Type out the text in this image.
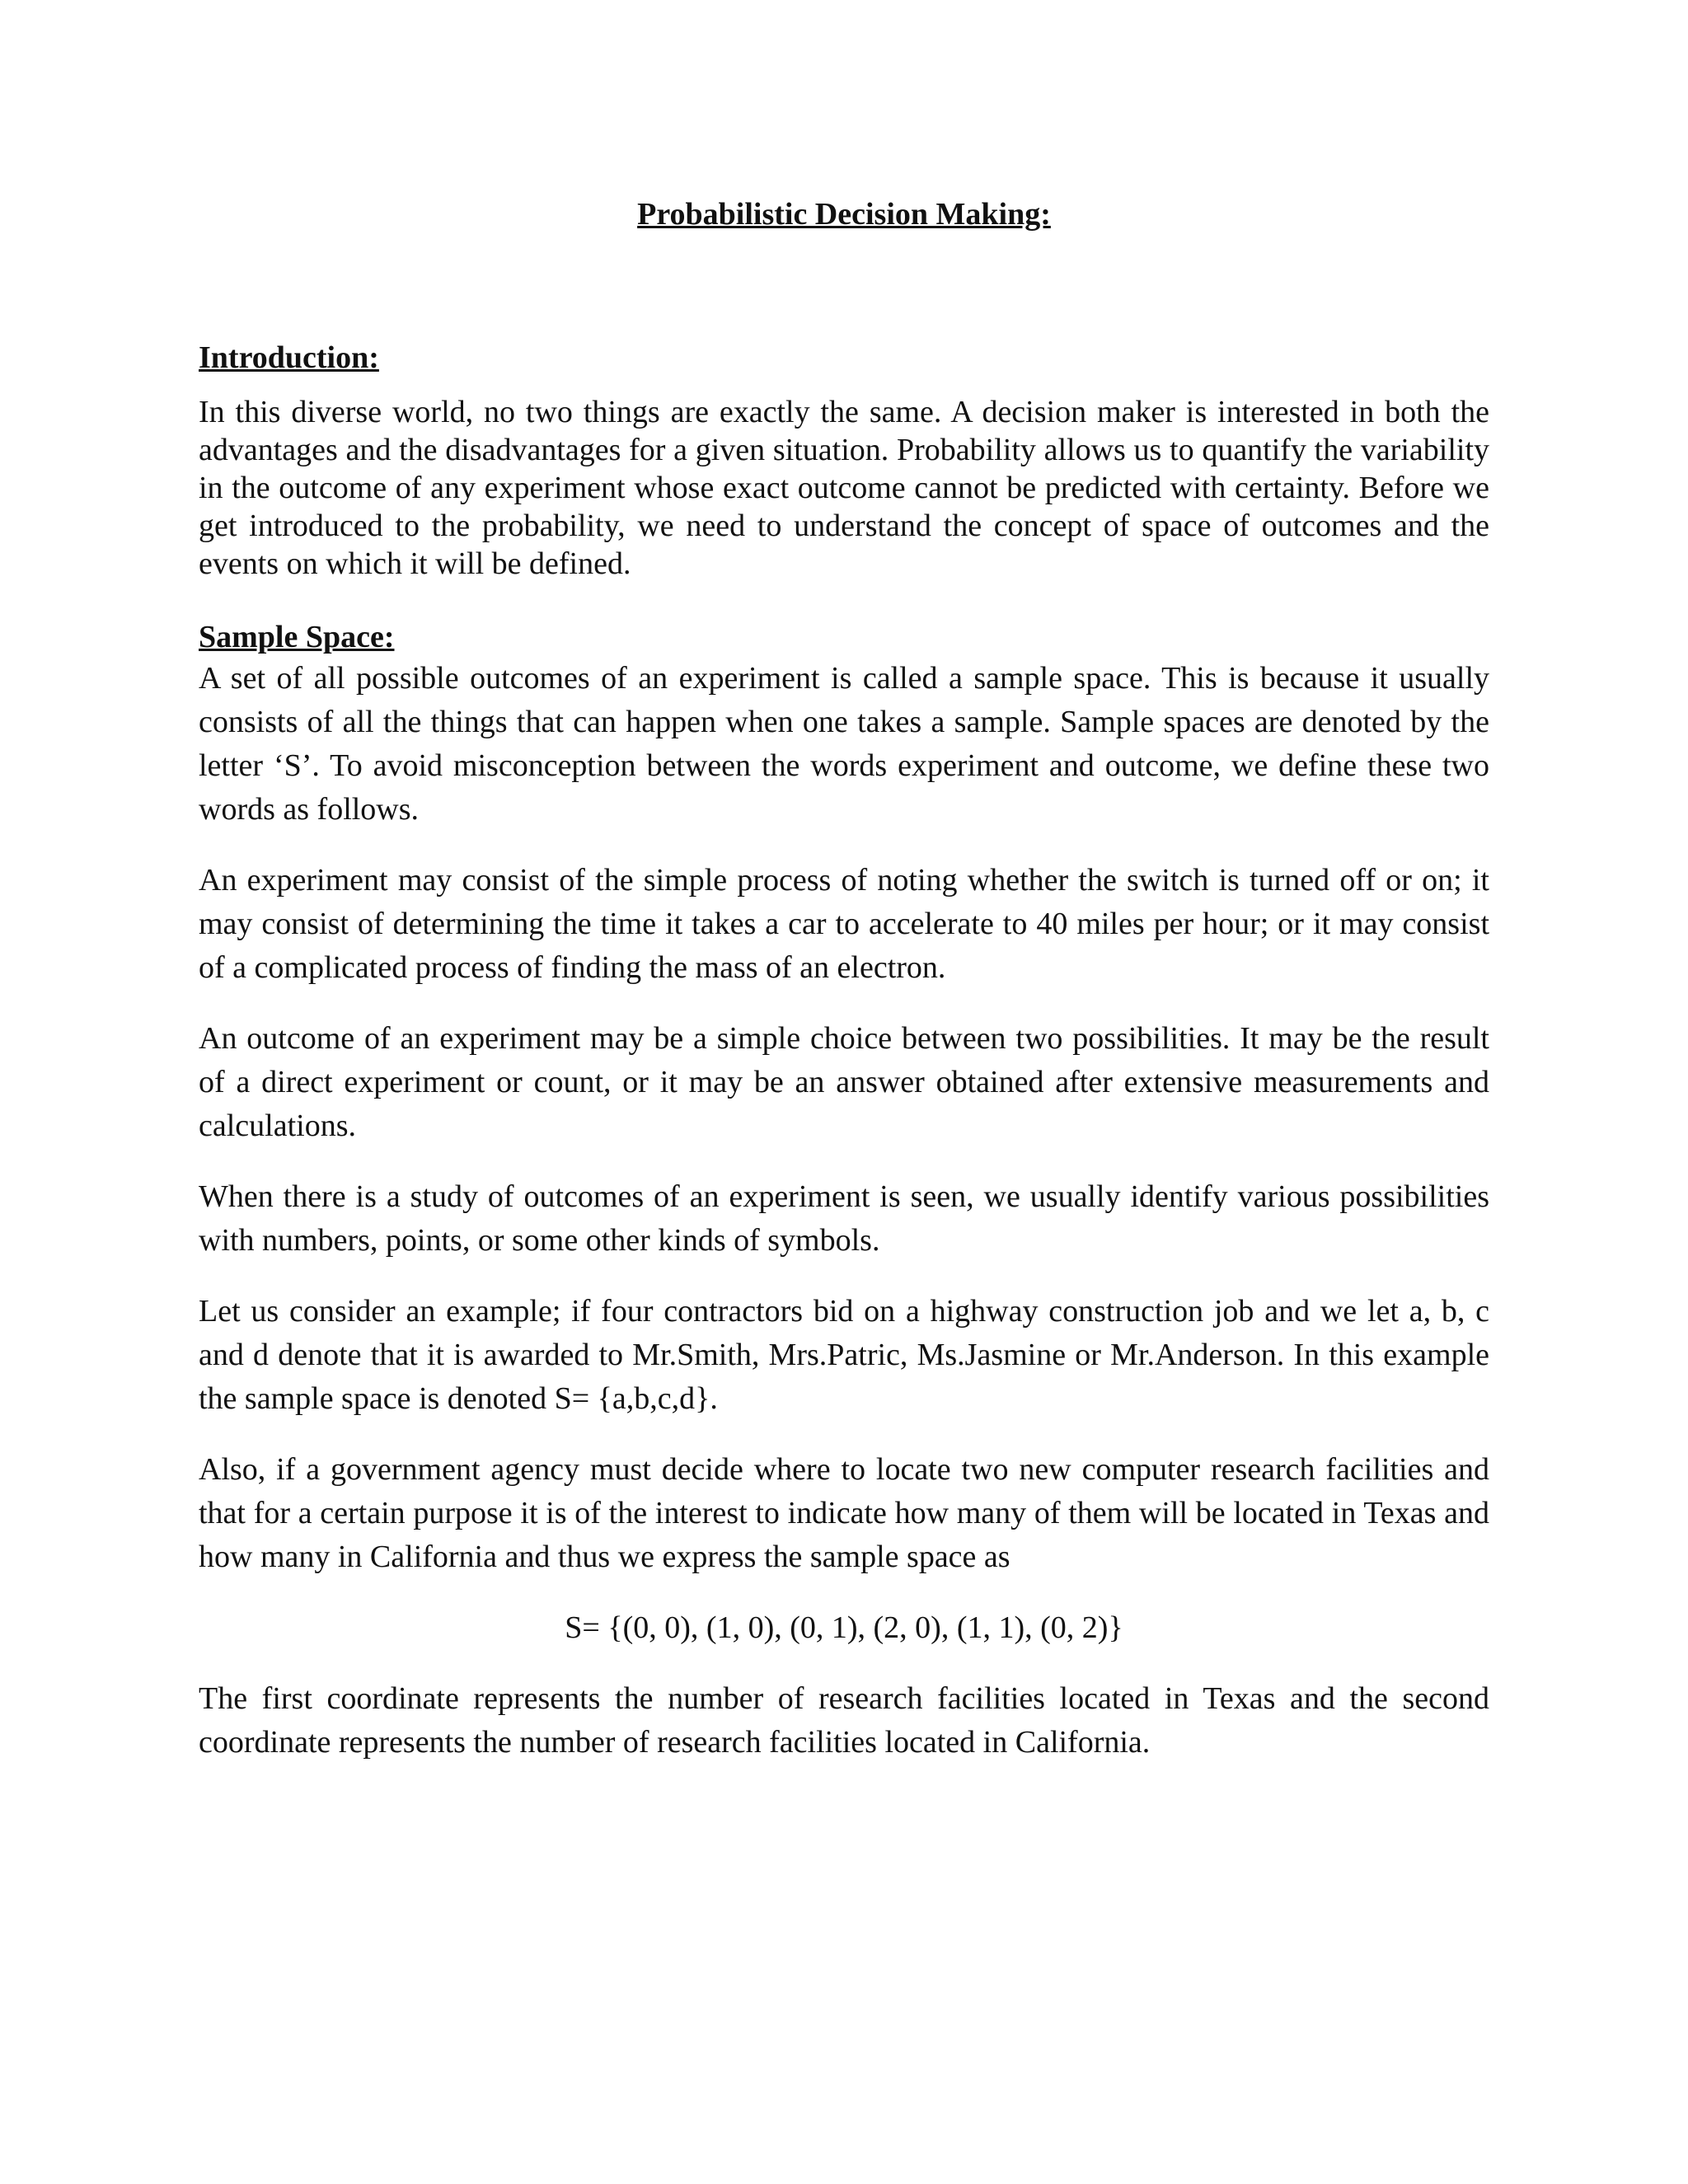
Probabilistic Decision Making:
Introduction:

In this diverse world, no two things are exactly the same. A decision maker is interested in both the advantages and the disadvantages for a given situation. Probability allows us to quantify the variability in the outcome of any experiment whose exact outcome cannot be predicted with certainty. Before we get introduced to the probability, we need to understand the concept of space of outcomes and the events on which it will be defined.

Sample Space:

A set of all possible outcomes of an experiment is called a sample space. This is because it usually consists of all the things that can happen when one takes a sample. Sample spaces are denoted by the letter ‘S’. To avoid misconception between the words experiment and outcome, we define these two words as follows.

An experiment may consist of the simple process of noting whether the switch is turned off or on; it may consist of determining the time it takes a car to accelerate to 40 miles per hour; or it may consist of a complicated process of finding the mass of an electron.

An outcome of an experiment may be a simple choice between two possibilities. It may be the result of a direct experiment or count, or it may be an answer obtained after extensive measurements and calculations.

When there is a study of outcomes of an experiment is seen, we usually identify various possibilities with numbers, points, or some other kinds of symbols.

Let us consider an example; if four contractors bid on a highway construction job and we let a, b, c and d denote that it is awarded to Mr.Smith, Mrs.Patric, Ms.Jasmine or Mr.Anderson. In this example the sample space is denoted S= {a,b,c,d}.

Also, if a government agency must decide where to locate two new computer research facilities and that for a certain purpose it is of the interest to indicate how many of them will be located in Texas and how many in California and thus we express the sample space as

S= {(0, 0), (1, 0), (0, 1), (2, 0), (1, 1), (0, 2)}

The first coordinate represents the number of research facilities located in Texas and the second coordinate represents the number of research facilities located in California.
